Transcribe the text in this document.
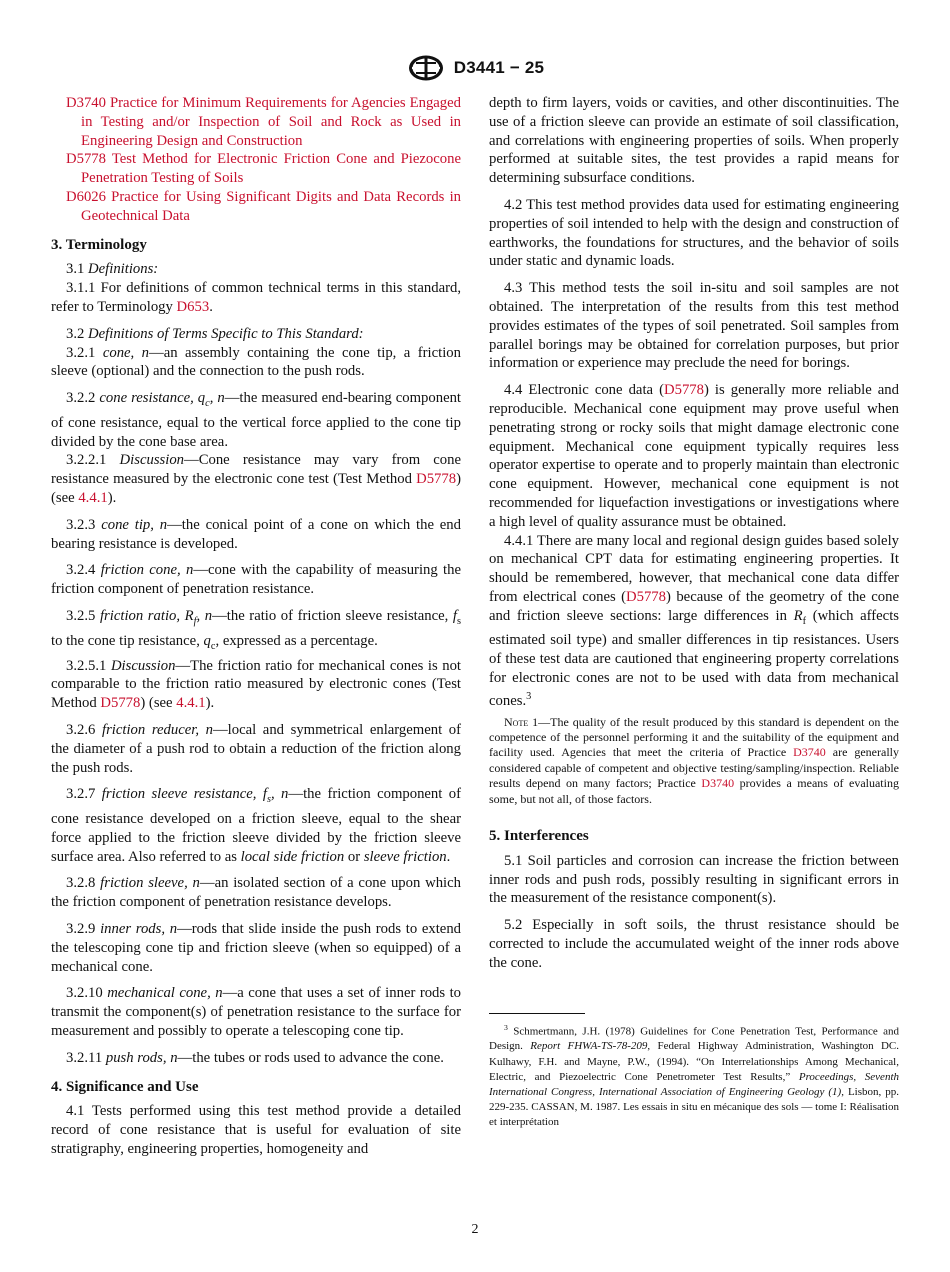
D3441 − 25

D3740 Practice for Minimum Requirements for Agencies Engaged in Testing and/or Inspection of Soil and Rock as Used in Engineering Design and Construction

D5778 Test Method for Electronic Friction Cone and Piezocone Penetration Testing of Soils

D6026 Practice for Using Significant Digits and Data Records in Geotechnical Data

3. Terminology

3.1 Definitions:

3.1.1 For definitions of common technical terms in this standard, refer to Terminology D653.

3.2 Definitions of Terms Specific to This Standard:

3.2.1 cone, n—an assembly containing the cone tip, a friction sleeve (optional) and the connection to the push rods.

3.2.2 cone resistance, $q_c$, n—the measured end-bearing component of cone resistance, equal to the vertical force applied to the cone tip divided by the cone base area.

3.2.2.1 Discussion—Cone resistance may vary from cone resistance measured by the electronic cone test (Test Method D5778) (see 4.4.1).

3.2.3 cone tip, n—the conical point of a cone on which the end bearing resistance is developed.

3.2.4 friction cone, n—cone with the capability of measuring the friction component of penetration resistance.

3.2.5 friction ratio, $R_f$, n—the ratio of friction sleeve resistance, $f_s$ to the cone tip resistance, $q_c$, expressed as a percentage.

3.2.5.1 Discussion—The friction ratio for mechanical cones is not comparable to the friction ratio measured by electronic cones (Test Method D5778) (see 4.4.1).

3.2.6 friction reducer, n—local and symmetrical enlargement of the diameter of a push rod to obtain a reduction of the friction along the push rods.

3.2.7 friction sleeve resistance, $f_s$, n—the friction component of cone resistance developed on a friction sleeve, equal to the shear force applied to the friction sleeve divided by the friction sleeve surface area. Also referred to as local side friction or sleeve friction.

3.2.8 friction sleeve, n—an isolated section of a cone upon which the friction component of penetration resistance develops.

3.2.9 inner rods, n—rods that slide inside the push rods to extend the telescoping cone tip and friction sleeve (when so equipped) of a mechanical cone.

3.2.10 mechanical cone, n—a cone that uses a set of inner rods to transmit the component(s) of penetration resistance to the surface for measurement and possibly to operate a telescoping cone tip.

3.2.11 push rods, n—the tubes or rods used to advance the cone.

4. Significance and Use

4.1 Tests performed using this test method provide a detailed record of cone resistance that is useful for evaluation of site stratigraphy, engineering properties, homogeneity and

depth to firm layers, voids or cavities, and other discontinuities. The use of a friction sleeve can provide an estimate of soil classification, and correlations with engineering properties of soils. When properly performed at suitable sites, the test provides a rapid means for determining subsurface conditions.

4.2 This test method provides data used for estimating engineering properties of soil intended to help with the design and construction of earthworks, the foundations for structures, and the behavior of soils under static and dynamic loads.

4.3 This method tests the soil in-situ and soil samples are not obtained. The interpretation of the results from this test method provides estimates of the types of soil penetrated. Soil samples from parallel borings may be obtained for correlation purposes, but prior information or experience may preclude the need for borings.

4.4 Electronic cone data (D5778) is generally more reliable and reproducible. Mechanical cone equipment may prove useful when penetrating strong or rocky soils that might damage electronic cone equipment. Mechanical cone equipment typically requires less operator expertise to operate and to properly maintain than electronic cone equipment. However, mechanical cone equipment is not recommended for liquefaction investigations or investigations where a high level of quality assurance must be obtained.

4.4.1 There are many local and regional design guides based solely on mechanical CPT data for estimating engineering properties. It should be remembered, however, that mechanical cone data differ from electrical cones (D5778) because of the geometry of the cone and friction sleeve sections: large differences in $R_f$ (which affects estimated soil type) and smaller differences in tip resistances. Users of these test data are cautioned that engineering property correlations for electronic cones are not to be used with data from mechanical cones.$^3$

Note 1—The quality of the result produced by this standard is dependent on the competence of the personnel performing it and the suitability of the equipment and facility used. Agencies that meet the criteria of Practice D3740 are generally considered capable of competent and objective testing/sampling/inspection. Reliable results depend on many factors; Practice D3740 provides a means of evaluating some, but not all, of those factors.

5. Interferences

5.1 Soil particles and corrosion can increase the friction between inner rods and push rods, possibly resulting in significant errors in the measurement of the resistance component(s).

5.2 Especially in soft soils, the thrust resistance should be corrected to include the accumulated weight of the inner rods above the cone.

$^3$ Schmertmann, J.H. (1978) Guidelines for Cone Penetration Test, Performance and Design. Report FHWA-TS-78-209, Federal Highway Administration, Washington DC. Kulhawy, F.H. and Mayne, P.W., (1994). “On Interrelationships Among Mechanical, Electric, and Piezoelectric Cone Penetrometer Test Results,” Proceedings, Seventh International Congress, International Association of Engineering Geology (1), Lisbon, pp. 229-235. CASSAN, M. 1987. Les essais in situ en mécanique des sols — tome I: Réalisation et interprétation

2
